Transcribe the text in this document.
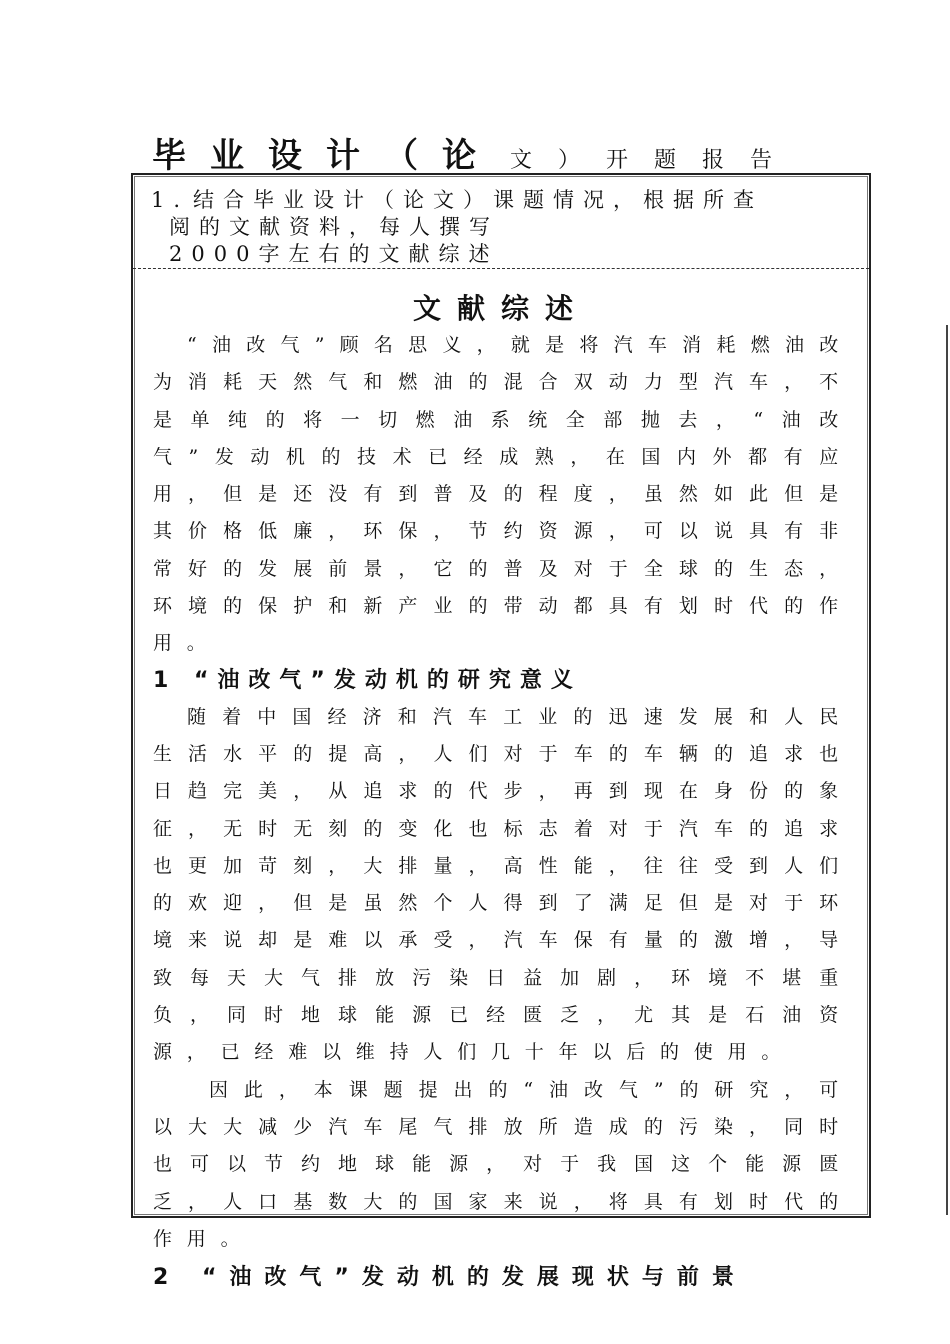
毕业设计（论 文）开题报告
1. 结合毕业设计（论文）课题情况，根据所查
阅的文献资料，每人撰写
2000字左右的文献综述
文献综述

“油改气”顾名思义，就是将汽车消耗燃油改为消耗天然气和燃油的混合双动力型汽车，不是单纯的将一切燃油系统全部抛去，“油改气”发动机的技术已经成熟，在国内外都有应用，但是还没有到普及的程度，虽然如此但是其价格低廉，环保，节约资源，可以说具有非常好的发展前景，它的普及对于全球的生态，环境的保护和新产业的带动都具有划时代的作用。

1 “油改气”发动机的研究意义

随着中国经济和汽车工业的迅速发展和人民生活水平的提高，人们对于车的车辆的追求也日趋完美，从追求的代步，再到现在身份的象征，无时无刻的变化也标志着对于汽车的追求也更加苛刻，大排量，高性能，往往受到人们的欢迎，但是虽然个人得到了满足但是对于环境来说却是难以承受，汽车保有量的激增，导致每天大气排放污染日益加剧，环境不堪重负，同时地球能源已经匮乏，尤其是石油资源，已经难以维持人们几十年以后的使用。

因此，本课题提出的“油改气”的研究，可以大大减少汽车尾气排放所造成的污染，同时也可以节约地球能源，对于我国这个能源匮乏，人口基数大的国家来说，将具有划时代的作用。

2 “油改气”发动机的发展现状与前景
